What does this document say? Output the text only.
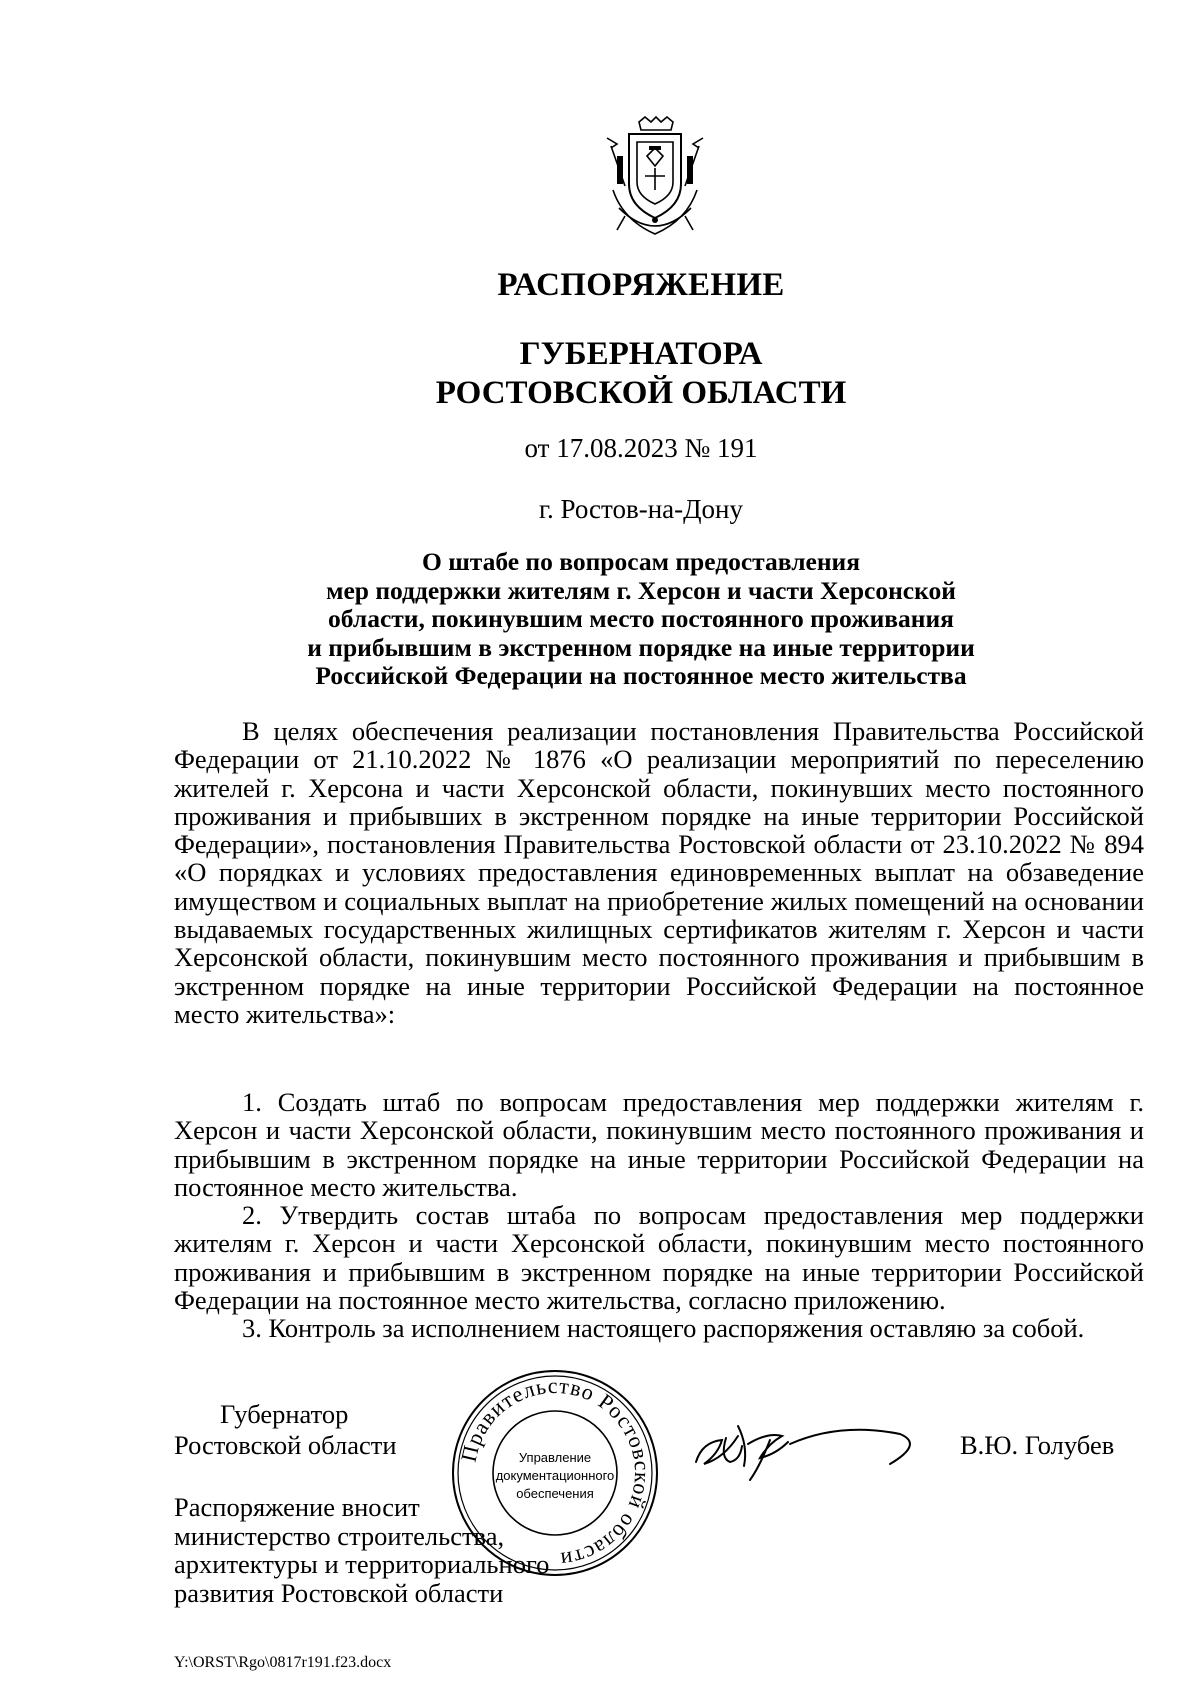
РАСПОРЯЖЕНИЕ
ГУБЕРНАТОРА
РОСТОВСКОЙ ОБЛАСТИ
от 17.08.2023 № 191
г. Ростов-на-Дону
О штабе по вопросам предоставления
мер поддержки жителям г. Херсон и части Херсонской
области, покинувшим место постоянного проживания
и прибывшим в экстренном порядке на иные территории
Российской Федерации на постоянное место жительства

В целях обеспечения реализации постановления Правительства Российской Федерации от 21.10.2022 № 1876 «О реализации мероприятий по переселению жителей г. Херсона и части Херсонской области, покинувших место постоянного проживания и прибывших в экстренном порядке на иные территории Российской Федерации», постановления Правительства Ростовской области от 23.10.2022 № 894 «О порядках и условиях предоставления единовременных выплат на обзаведение имуществом и социальных выплат на приобретение жилых помещений на основании выдаваемых государственных жилищных сертификатов жителям г. Херсон и части Херсонской области, покинувшим место постоянного проживания и прибывшим в экстренном порядке на иные территории Российской Федерации на постоянное место жительства»:

1. Создать штаб по вопросам предоставления мер поддержки жителям г. Херсон и части Херсонской области, покинувшим место постоянного проживания и прибывшим в экстренном порядке на иные территории Российской Федерации на постоянное место жительства.

2. Утвердить состав штаба по вопросам предоставления мер поддержки жителям г. Херсон и части Херсонской области, покинувшим место постоянного проживания и прибывшим в экстренном порядке на иные территории Российской Федерации на постоянное место жительства, согласно приложению.

3. Контроль за исполнением настоящего распоряжения оставляю за собой.

Губернатор
Ростовской области	В.Ю. Голубев
Распоряжение вносит
министерство строительства,
архитектуры и территориального
развития Ростовской области
Правительство Ростовской области
Управление
документационного
обеспечения
Y:\ORST\Rgo\0817r191.f23.docx
